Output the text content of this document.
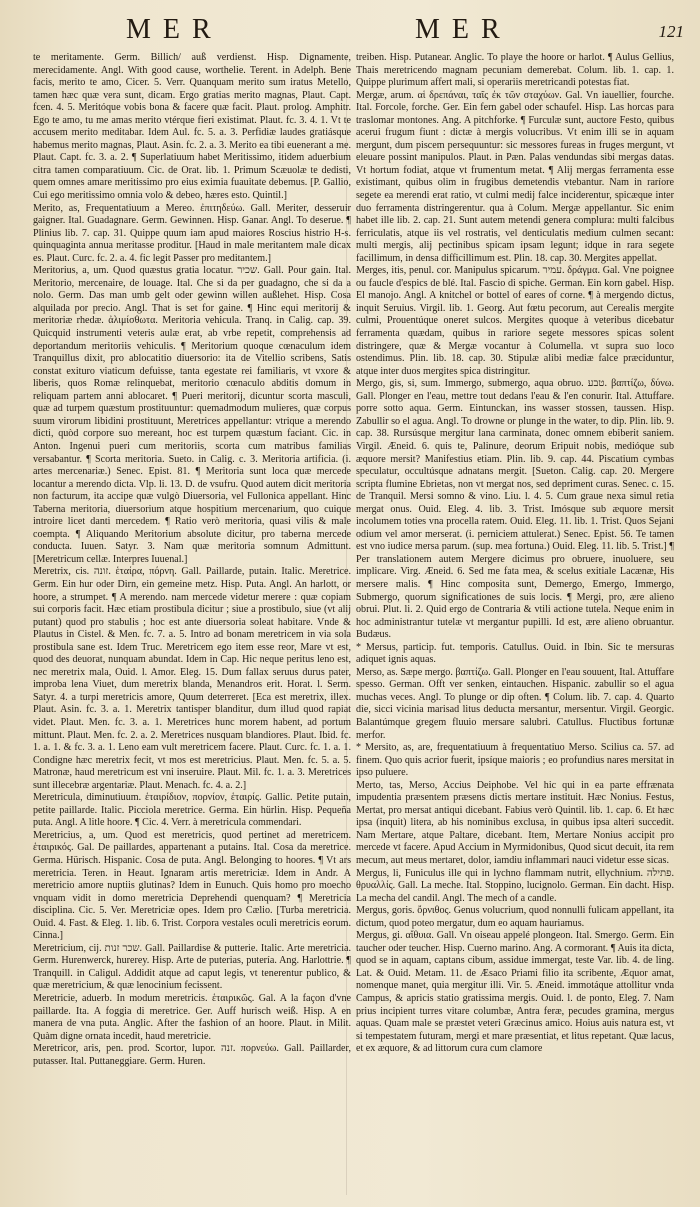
MER	MER	121

te meritamente. Germ. Billich/ auß verdienst. Hisp. Dignamente, merecidamente. Angl. With good cause, worthelie. Terent. in Adelph. Bene facis, merito te amo, Cicer. 5. Verr. Quanquam merito sum iratus Metello, tamen hæc quæ vera sunt, dicam. Ergo gratias merito magnas, Plaut. Capt. fcen. 4. 5. Meritóque vobis bona & facere quæ facit. Plaut. prolog. Amphitr. Ego te amo, tu me amas merito vtérque fieri existimat. Plaut. fc. 3. 4. 1. Vt te accusem merito meditabar. Idem Aul. fc. 5. a. 3. Perfidiæ laudes gratiásque habemus merito magnas, Plaut. Asin. fc. 2. a. 3. Merito ea tibi euenerant a me. Plaut. Capt. fc. 3. a. 2. ¶ Superlatiuum habet Meritissimo, itidem aduerbium citra tamen comparatiuum. Cic. de Orat. lib. 1. Primum Scæuolæ te dedisti, quem omnes amare meritissimo pro eius eximia fuauitate debemus. [P. Gallio, Cui ego meritissimo omnia volo & debeo, hæres esto. Quintil.]

Merito, as, Frequentatiuum a Mereo. ἐπιτηδεύω. Gall. Meriter, desseruir gaigner. Ital. Guadagnare. Germ. Gewinnen. Hisp. Ganar. Angl. To deserue. ¶ Plinius lib. 7. cap. 31. Quippe quum iam apud maiores Roscius histrio H-s. quinquaginta annua meritasse proditur. [Haud in male meritantem male dicax es. Plaut. Curc. fc. 2. a. 4. fic legit Passer pro meditantem.]

Meritorius, a, um. Quod quæstus gratia locatur. שכיר. Gall. Pour gain. Ital. Meritorio, mercenaire, de louage. Ital. Che si da per guadagno, che si da a nolo. Germ. Das man umb gelt oder gewinn willen außlehet. Hisp. Cosa alquilada por precio. Angl. That is set for gaine. ¶ Hinc equi meritorij & meritoriæ rhedæ. ἀλιμίσθωτα. Meritoria vehicula. Tranq. in Calig. cap. 39. Quicquid instrumenti veteris aulæ erat, ab vrbe repetit, comprehensis ad deportandum meritoriis vehiculis. ¶ Meritorium quoque cœnaculum idem Tranquillus dixit, pro ablocatitio diuersorio: ita de Vitellio scribens, Satis constat exituro viaticum defuisse, tanta egestate rei familiaris, vt vxore & liberis, quos Romæ relinquebat, meritorio cœnaculo abditis domum in reliquam partem anni ablocaret. ¶ Pueri meritorij, dicuntur scorta masculi, quæ ad turpem quæstum prostituuntur: quemadmodum mulieres, quæ corpus suum virorum libidini prostituunt, Meretrices appellantur: vtrique a merendo dicti, quòd corpore suo mereant, hoc est turpem quæstum faciant. Cic. in Anton. Ingenui pueri cum meritoriis, scorta cum matribus familias versabantur. ¶ Scorta meritoria. Sueto. in Calig. c. 3. Meritoria artificia. (i. artes mercenariæ.) Senec. Epist. 81. ¶ Meritoria sunt loca quæ mercede locantur a merendo dicta. Vlp. li. 13. D. de vsufru. Quod autem dicit meritoria non facturum, ita accipe quæ vulgò Diuersoria, vel Fullonica appellant. Hinc Taberna meritoria, diuersorium atque hospitium mercenarium, quo cuique introire licet danti mercedem. ¶ Ratio verò meritoria, quasi vilis & male coempta. ¶ Aliquando Meritorium absolute dicitur, pro taberna mercede conducta. Iuuen. Satyr. 3. Nam quæ meritoria somnum Admittunt. [Meretricum cellæ. Interpres Iuuenal.]

Meretrix, cis. זונה. ἑταίρα, πόρνη. Gall. Paillarde, putain. Italic. Meretrice. Germ. Ein hur oder Dirn, ein gemeine metz. Hisp. Puta. Angl. An harlott, or hoore, a strumpet. ¶ A merendo. nam mercede videtur merere : quæ copiam sui corporis facit. Hæc etiam prostibula dicitur ; siue a prostibulo, siue (vt alij putant) quod pro stabulis ; hoc est ante diuersoria soleat habitare. Vnde & Plautus in Cistel. & Men. fc. 7. a. 5. Intro ad bonam meretricem in via sola prostibula sane est. Idem Truc. Meretricem ego item esse reor, Mare vt est, quod des deuorat, nunquam abundat. Idem in Cap. Hic neque peritus leno est, nec meretrix mala, Ouid. l. Amor. Eleg. 15. Dum fallax seruus durus pater, improba lena Viuet, dum meretrix blanda, Menandros erit. Horat. l. Serm. Satyr. 4. a turpi meretricis amore, Quum deterreret. [Eca est meretrix, illex. Plaut. Asin. fc. 3. a. 1. Meretrix tantisper blanditur, dum illud quod rapiat videt. Plaut. Men. fc. 3. a. 1. Meretrices hunc morem habent, ad portum mittunt. Plaut. Men. fc. 2. a. 2. Meretrices nusquam blandiores. Plaut. Ibid. fc. 1. a. 1. & fc. 3. a. 1. Leno eam vult meretricem facere. Plaut. Curc. fc. 1. a. 1. Condigne hæc meretrix fecit, vt mos est meretricius. Plaut. Men. fc. 5. a. 5. Matronæ, haud meretricum est vni inseruire. Plaut. Mil. fc. 1. a. 3. Meretrices sunt illecebræ argentariæ. Plaut. Menach. fc. 4. a. 2.]

Meretricula, diminutiuum. ἑταιρίδιον, πορνίον, ἑταιρίς. Gallic. Petite putain, petite paillarde. Italic. Picciola meretrice. Germa. Ein hürlin. Hisp. Pequeña puta. Angl. A litle hoore. ¶ Cic. 4. Verr. à meretricula commendari.

Meretricius, a, um. Quod est meretricis, quod pertinet ad meretricem. ἑταιρικός. Gal. De paillardes, appartenant a putains. Ital. Cosa da meretrice. Germa. Hürisch. Hispanic. Cosa de puta. Angl. Belonging to hoores. ¶ Vt ars meretricia. Teren. in Heaut. Ignaram artis meretriciæ. Idem in Andr. A meretricio amore nuptiis glutinas? Idem in Eunuch. Quis homo pro moecho vnquam vidit in domo meretricia Deprehendi quenquam? ¶ Meretricia disciplina. Cic. 5. Ver. Meretriciæ opes. Idem pro Cælio. [Turba meretricia. Ouid. 4. Fast. & Eleg. 1. lib. 6. Trist. Corpora vestales oculi meretricis eorum. Cinna.]

Meretricium, cij. שכר זנות. Gall. Paillardise & putterie. Italic. Arte meretricia. Germ. Hurenwerck, hurerey. Hisp. Arte de puterias, putería. Ang. Harlottrie. ¶ Tranquill. in Caligul. Addidit atque ad caput legis, vt tenerentur publico, & quæ meretricium, & quæ lenocinium fecissent.

Meretricie, aduerb. In modum meretricis. ἑταιρικῶς. Gal. A la façon d'vne paillarde. Ita. A foggia di meretrice. Ger. Auff hurisch weiß. Hisp. A en manera de vna puta. Anglic. After the fashion of an hoore. Plaut. in Milit. Quàm digne ornata incedit, haud meretricie.

Meretricor, aris, pen. prod. Scortor, lupor. זנה. πορνεύω. Gall. Paillarder, putasser. Ital. Puttaneggiare. Germ. Huren.

treiben. Hisp. Putanear. Anglic. To playe the hoore or harlot. ¶ Aulus Gellius, Thais meretricendo magnam pecuniam demerebat. Colum. lib. 1. cap. 1. Quippe plurimum affert mali, si operariis meretricandi potestas fiat.

Mergæ, arum. αἱ δρεπάναι, ταῖς ἐκ τῶν σταχύων. Gal. Vn iauellier, fourche. Ital. Forcole, forche. Ger. Ein fern gabel oder schaufel. Hisp. Las horcas para traslomar montones. Ang. A pitchforke. ¶ Furculæ sunt, auctore Festo, quibus acerui frugum fiunt : dictæ à mergis volucribus. Vt enim illi se in aquam mergunt, dum piscem persequuntur: sic messores fureas in fruges mergunt, vt eleuare possint manipulos. Plaut. in Pæn. Palas vendundas sibi mergas datas. Vt hortum fodiat, atque vt frumentum metat. ¶ Alij mergas ferramenta esse existimant, quibus olim in frugibus demetendis vtebantur. Nam in raríore segete ea merendi erat ratio, vt culmi medij falce inciderentur, spicæque inter duo ferramenta distringerentur. qua à Colum. Mergæ appellantur. Sic enim habet ille lib. 2. cap. 21. Sunt autem metendi genera complura: multi falcibus ferriculatis, atque iis vel rostratis, vel denticulatis medium culmen secant: multi mergis, alij pectinibus spicam ipsam legunt; idque in rara segete facillimum, in densa difficillimum est. Plin. 18. cap. 30. Mergites appellat.

Merges, itis, penul. cor. Manipulus spicarum. עמיר. δράγμα. Gal. Vne poignee ou faucle d'espics de blé. Ital. Fascio di spiche. German. Ein korn gabel. Hisp. El manojo. Angl. A knitchel or bottel of eares of corne. ¶ à mergendo dictus, inquit Seruius. Virgil. lib. 1. Georg. Aut fœtu pecorum, aut Cerealis mergite culmi, Prouentúque oneret sulcos. Mergites quoque à veteribus dicebatur ferramenta quædam, quibus in rariore segete messores spicas solent distringere, quæ & Mergæ vocantur à Columella. vt supra suo loco ostendimus. Plin. lib. 18. cap. 30. Stipulæ alibi mediæ falce præciduntur, atque inter duos mergites spica distringitur.

Mergo, gis, si, sum. Immergo, submergo, aqua obruo. טבע. βαπτίζω, δύνω. Gall. Plonger en l'eau, mettre tout dedans l'eau & l'en conurir. Ital. Attuffare. porre sotto aqua. Germ. Eintunckan, ins wasser stossen, taussen. Hisp. Zabullir so el agua. Angl. To drowne or plunge in the water, to dip. Plin. lib. 9. cap. 38. Rursúsque mergitur lana carminata, donec omnem ebiberit saniem. Virgil. Æneid. 6. quis te, Palinure, deorum Eripuit nobis, medióque sub æquore mersit? Manifestius etiam. Plin. lib. 9. cap. 44. Piscatium cymbas speculatur, occultúsque adnatans mergit. [Sueton. Calig. cap. 20. Mergere scripta flumine Ebrietas, non vt mergat nos, sed depriment curas. Senec. c. 15. de Tranquil. Mersi somno & vino. Liu. l. 4. 5. Cum graue nexa simul retia mergat onus. Ouid. Eleg. 4. lib. 3. Trist. Imósque sub æquore mersit incolumem toties vna procella ratem. Ouid. Eleg. 11. lib. 1. Trist. Quos Sejani odium vel amor merserat. (i. perniciem attulerat.) Senec. Epist. 56. Te tamen est vno iudice mersa parum. (sup. mea fortuna.) Ouid. Eleg. 11. lib. 5. Trist.] ¶ Per translationem autem Mergere dicimus pro obruere, inuoluere, seu implicare. Virg. Æneid. 6. Sed me fata mea, & scelus exitiale Lacænæ, His mersere malis. ¶ Hinc composita sunt, Demergo, Emergo, Immergo, Submergo, quorum significationes de suis locis. ¶ Mergi, pro, ære alieno obrui. Plut. li. 2. Quid ergo de Contraria & vtili actione tutela. Neque enim in hoc administrantur tutelæ vt mergantur pupilli. Id est, ære alieno obruantur. Budæus.

* Mersus, particip. fut. temporis. Catullus. Ouid. in Ibin. Sic te mersuras adiquet ignis aquas.

Merso, as. Sæpe mergo. βαπτίζω. Gall. Plonger en l'eau souuent, Ital. Attuffare spesso. German. Offt ver senken, eintauchen. Hispanic. zabullir so el agua muchas veces. Angl. To plunge or dip often. ¶ Colum. lib. 7. cap. 4. Quarto die, sicci vicinia marisad litus deducta mersantur, mersentur. Virgil. Georgic. Balantúmque gregem fluuio mersare salubri. Catullus. Fluctibus fortunæ merfor.

* Mersito, as, are, frequentatiuum à frequentatiuo Merso. Scilius ca. 57. ad finem. Quo quis acrior fuerit, ipsíque maioris ; eo profundius nares mersitat in ipso puluere.

Merto, tas, Merso, Accius Deiphobe. Vel hic qui in ea parte effrænata impudentia præsentem præsens dictis mertare instituit. Hæc Nonius. Festus, Mertat, pro mersat antiqui dicebant. Fabius verò Quintil. lib. 1. cap. 6. Et hæc ipsa (inquit) litera, ab his nominibus exclusa, in quibus ipsa alteri succedit. Nam Mertare, atque Paltare, dicebant. Item, Mertare Nonius accipit pro mercede vt facere. Apud Accium in Myrmidonibus, Quod sicut decuit, ita rem mecum, aut meus mertaret, dolor, iamdiu inflammari nauci videtur esse sicas.

Mergus, li, Funiculus ille qui in lychno flammam nutrit, ellychnium. פתילה. θρυαλλίς. Gall. La meche. Ital. Stoppino, lucignolo. German. Ein dacht. Hisp. La mecha del candil. Angl. The mech of a candle.

Mergus, goris. ὄρνιθος. Genus volucrium, quod nonnulli fulicam appellant, ita dictum, quod poteo mergatur, dum eo aquam hauriamus.

Mergus, gi. αἴθυια. Gall. Vn oiseau appelé plongeon. Ital. Smergo. Germ. Ein taucher oder teucher. Hisp. Cuerno marino. Ang. A cormorant. ¶ Auis ita dicta, quod se in aquam, captans cibum, assidue immergat, teste Var. lib. 4. de ling. Lat. & Ouid. Metam. 11. de Æsaco Priami filio ita scribente, Æquor amat, nomenque manet, quia mergitur illi. Vir. 5. Æneid. immotáque attollitur vnda Campus, & apricis statio gratissima mergis. Ouid. l. de ponto, Eleg. 7. Nam prius incipient turres vitare columbæ, Antra feræ, pecudes gramina, mergus aquas. Quam male se præstet veteri Græcinus amico. Hoius auis natura est, vt si tempestatem futuram, mergi et mare præsentiat, et litus repetant. Quæ lacus, et ex æquore, & ad littorum cura cum clamore
